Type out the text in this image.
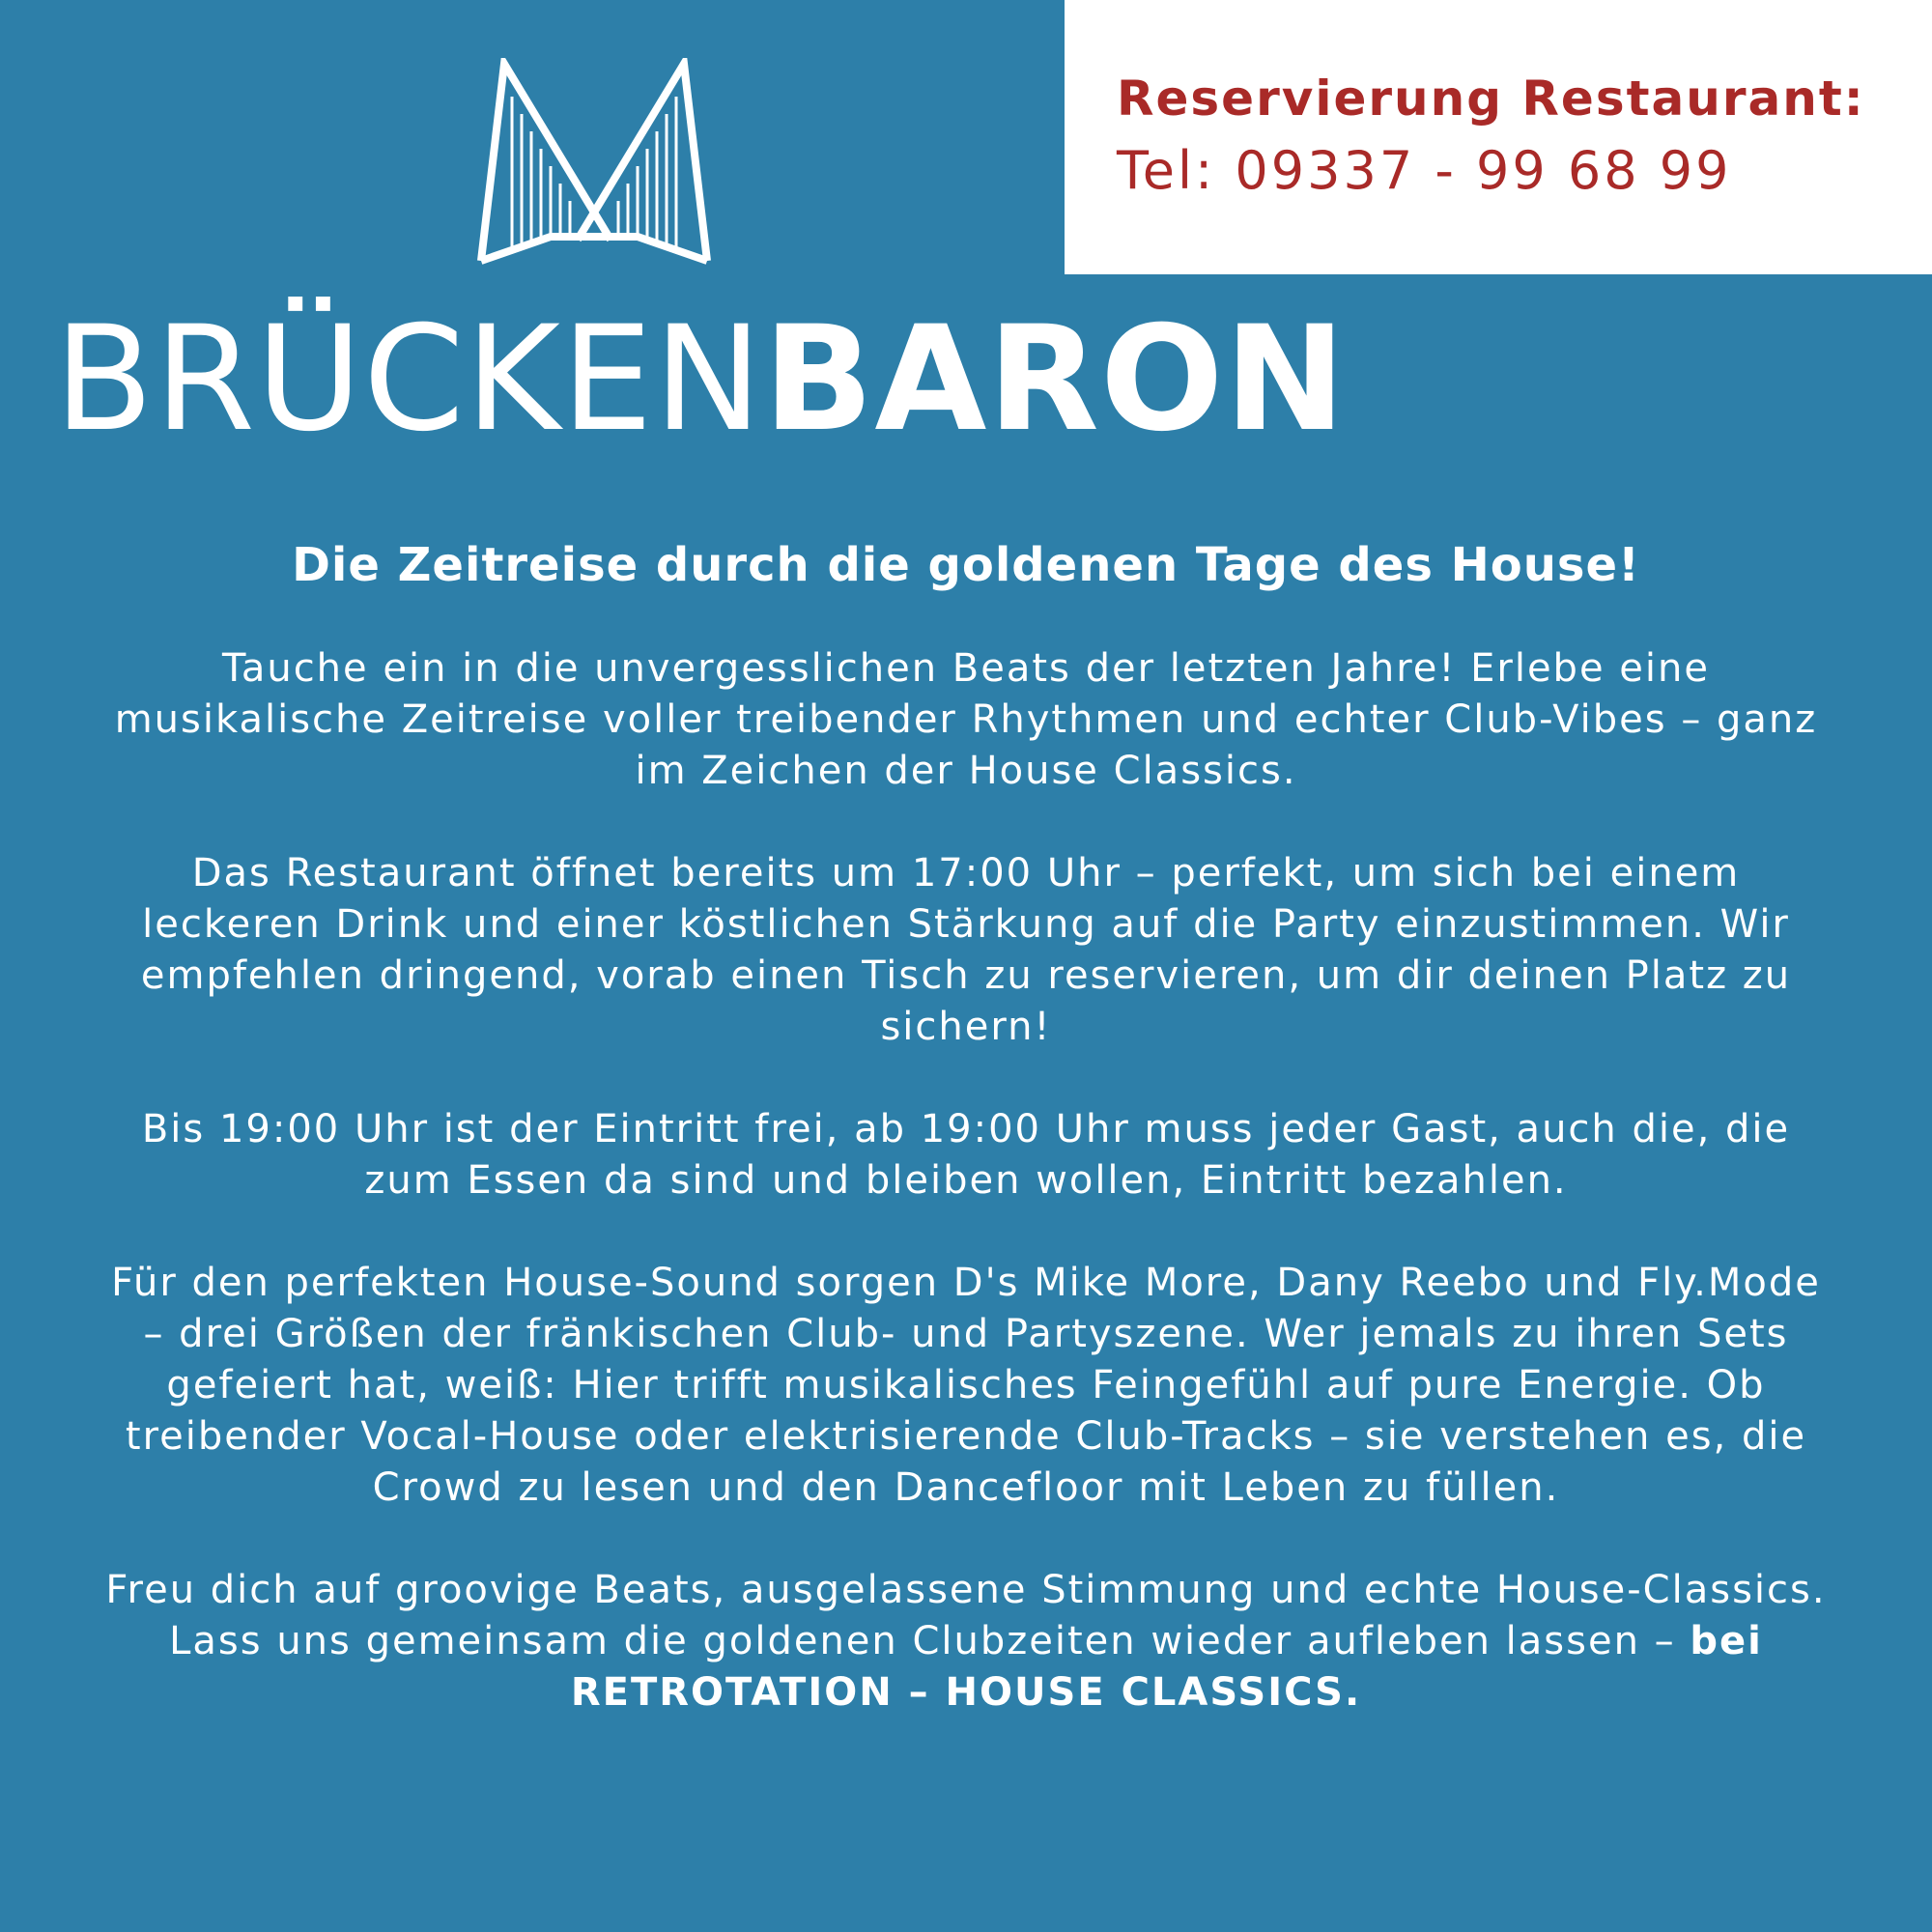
Reservierung Restaurant:
Tel: 09337 - 99 68 99
BRÜCKENBARON
Die Zeitreise durch die goldenen Tage des House!

Tauche ein in die unvergesslichen Beats der letzten Jahre! Erlebe eine musikalische Zeitreise voller treibender Rhythmen und echter Club-Vibes – ganz im Zeichen der House Classics.

Das Restaurant öffnet bereits um 17:00 Uhr – perfekt, um sich bei einem leckeren Drink und einer köstlichen Stärkung auf die Party einzustimmen. Wir empfehlen dringend, vorab einen Tisch zu reservieren, um dir deinen Platz zu sichern!

Bis 19:00 Uhr ist der Eintritt frei, ab 19:00 Uhr muss jeder Gast, auch die, die zum Essen da sind und bleiben wollen, Eintritt bezahlen.

Für den perfekten House-Sound sorgen D's Mike More, Dany Reebo und Fly.Mode – drei Größen der fränkischen Club- und Partyszene. Wer jemals zu ihren Sets gefeiert hat, weiß: Hier trifft musikalisches Feingefühl auf pure Energie. Ob treibender Vocal-House oder elektrisierende Club-Tracks – sie verstehen es, die Crowd zu lesen und den Dancefloor mit Leben zu füllen.

Freu dich auf groovige Beats, ausgelassene Stimmung und echte House-Classics. Lass uns gemeinsam die goldenen Clubzeiten wieder aufleben lassen – bei RETROTATION – HOUSE CLASSICS.
